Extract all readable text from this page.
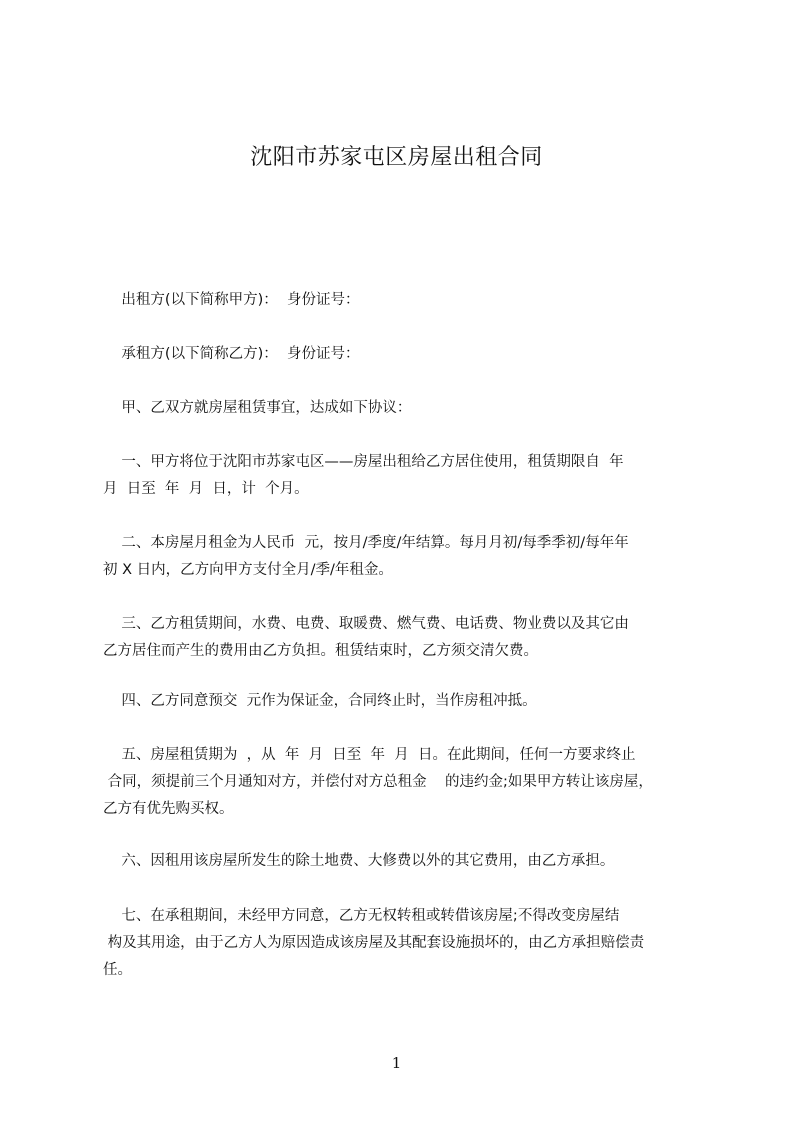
沈阳市苏家屯区房屋出租合同
出租方(以下简称甲方)：  身份证号：
承租方(以下简称乙方)：  身份证号：
甲、乙双方就房屋租赁事宜，达成如下协议：
一、甲方将位于沈阳市苏家屯区——房屋出租给乙方居住使用，租赁期限自  年
月  日至  年  月  日，计  个月。
二、本房屋月租金为人民币  元，按月/季度/年结算。每月月初/每季季初/每年年
初 X 日内，乙方向甲方支付全月/季/年租金。
三、乙方租赁期间，水费、电费、取暖费、燃气费、电话费、物业费以及其它由
乙方居住而产生的费用由乙方负担。租赁结束时，乙方须交清欠费。
四、乙方同意预交  元作为保证金，合同终止时，当作房租冲抵。
五、房屋租赁期为  ，从  年  月  日至  年  月  日。在此期间，任何一方要求终止
合同，须提前三个月通知对方，并偿付对方总租金    的违约金;如果甲方转让该房屋，
乙方有优先购买权。
六、因租用该房屋所发生的除土地费、大修费以外的其它费用，由乙方承担。
七、在承租期间，未经甲方同意，乙方无权转租或转借该房屋;不得改变房屋结
构及其用途，由于乙方人为原因造成该房屋及其配套设施损坏的，由乙方承担赔偿责
任。
1
